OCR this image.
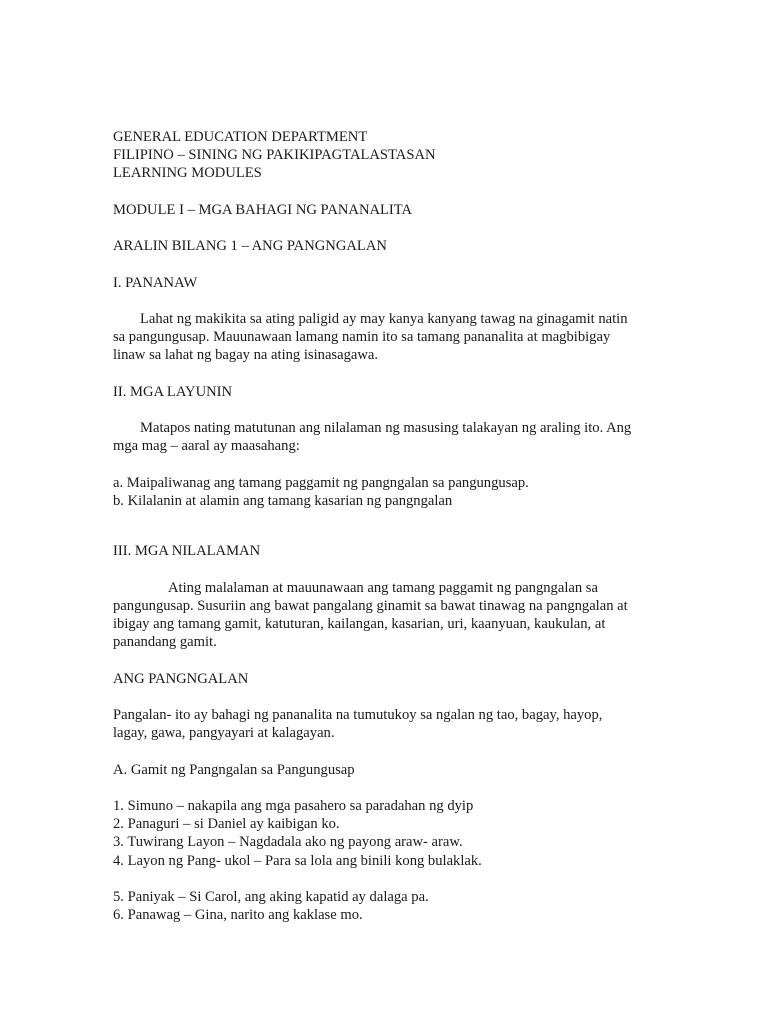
GENERAL EDUCATION DEPARTMENT
FILIPINO – SINING NG PAKIKIPAGTALASTASAN
LEARNING MODULES
MODULE I – MGA BAHAGI NG PANANALITA
ARALIN BILANG 1 – ANG PANGNGALAN
I. PANANAW
Lahat ng makikita sa ating paligid ay may kanya kanyang tawag na ginagamit natin
sa pangungusap. Mauunawaan lamang namin ito sa tamang pananalita at magbibigay
linaw sa lahat ng bagay na ating isinasagawa.
II. MGA LAYUNIN
Matapos nating matutunan ang nilalaman ng masusing talakayan ng araling ito. Ang
mga mag – aaral ay maasahang:
a. Maipaliwanag ang tamang paggamit ng pangngalan sa pangungusap.
b. Kilalanin at alamin ang tamang kasarian ng pangngalan
III. MGA NILALAMAN
Ating malalaman at mauunawaan ang tamang paggamit ng pangngalan sa
pangungusap. Susuriin ang bawat pangalang ginamit sa bawat tinawag na pangngalan at
ibigay ang tamang gamit, katuturan, kailangan, kasarian, uri, kaanyuan, kaukulan, at
panandang gamit.
ANG PANGNGALAN
Pangalan- ito ay bahagi ng pananalita na tumutukoy sa ngalan ng tao, bagay, hayop,
lagay, gawa, pangyayari at kalagayan.
A. Gamit ng Pangngalan sa Pangungusap
1. Simuno – nakapila ang mga pasahero sa paradahan ng dyip
2. Panaguri – si Daniel ay kaibigan ko.
3. Tuwirang Layon – Nagdadala ako ng payong araw- araw.
4. Layon ng Pang- ukol – Para sa lola ang binili kong bulaklak.
5. Paniyak – Si Carol, ang aking kapatid ay dalaga pa.
6. Panawag – Gina, narito ang kaklase mo.
